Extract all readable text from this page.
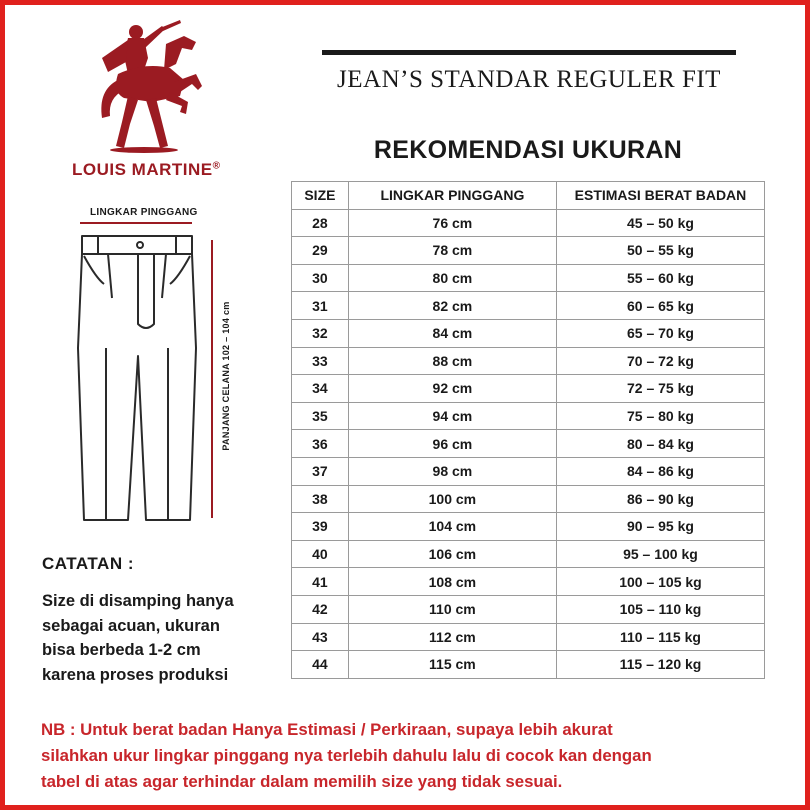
LOUIS MARTINE®
JEAN’S STANDAR REGULER FIT
REKOMENDASI UKURAN
LINGKAR PINGGANG
PANJANG CELANA 102 – 104 cm
SIZE	LINGKAR PINGGANG	ESTIMASI BERAT BADAN
28	76 cm	45 – 50 kg
29	78 cm	50 – 55 kg
30	80 cm	55 – 60 kg
31	82 cm	60 – 65 kg
32	84 cm	65 – 70 kg
33	88 cm	70 – 72 kg
34	92 cm	72 – 75 kg
35	94 cm	75 – 80 kg
36	96 cm	80 – 84 kg
37	98 cm	84 – 86 kg
38	100 cm	86 – 90 kg
39	104 cm	90 – 95 kg
40	106 cm	95 – 100 kg
41	108 cm	100 – 105 kg
42	110 cm	105 – 110 kg
43	112 cm	110 – 115 kg
44	115 cm	115 – 120 kg
CATATAN :
Size di disamping hanya
sebagai acuan, ukuran
bisa berbeda 1-2 cm
karena proses produksi
NB : Untuk berat badan Hanya Estimasi / Perkiraan, supaya lebih akurat
silahkan ukur lingkar pinggang nya terlebih dahulu lalu di cocok kan dengan
tabel di atas agar terhindar dalam memilih size yang tidak sesuai.
